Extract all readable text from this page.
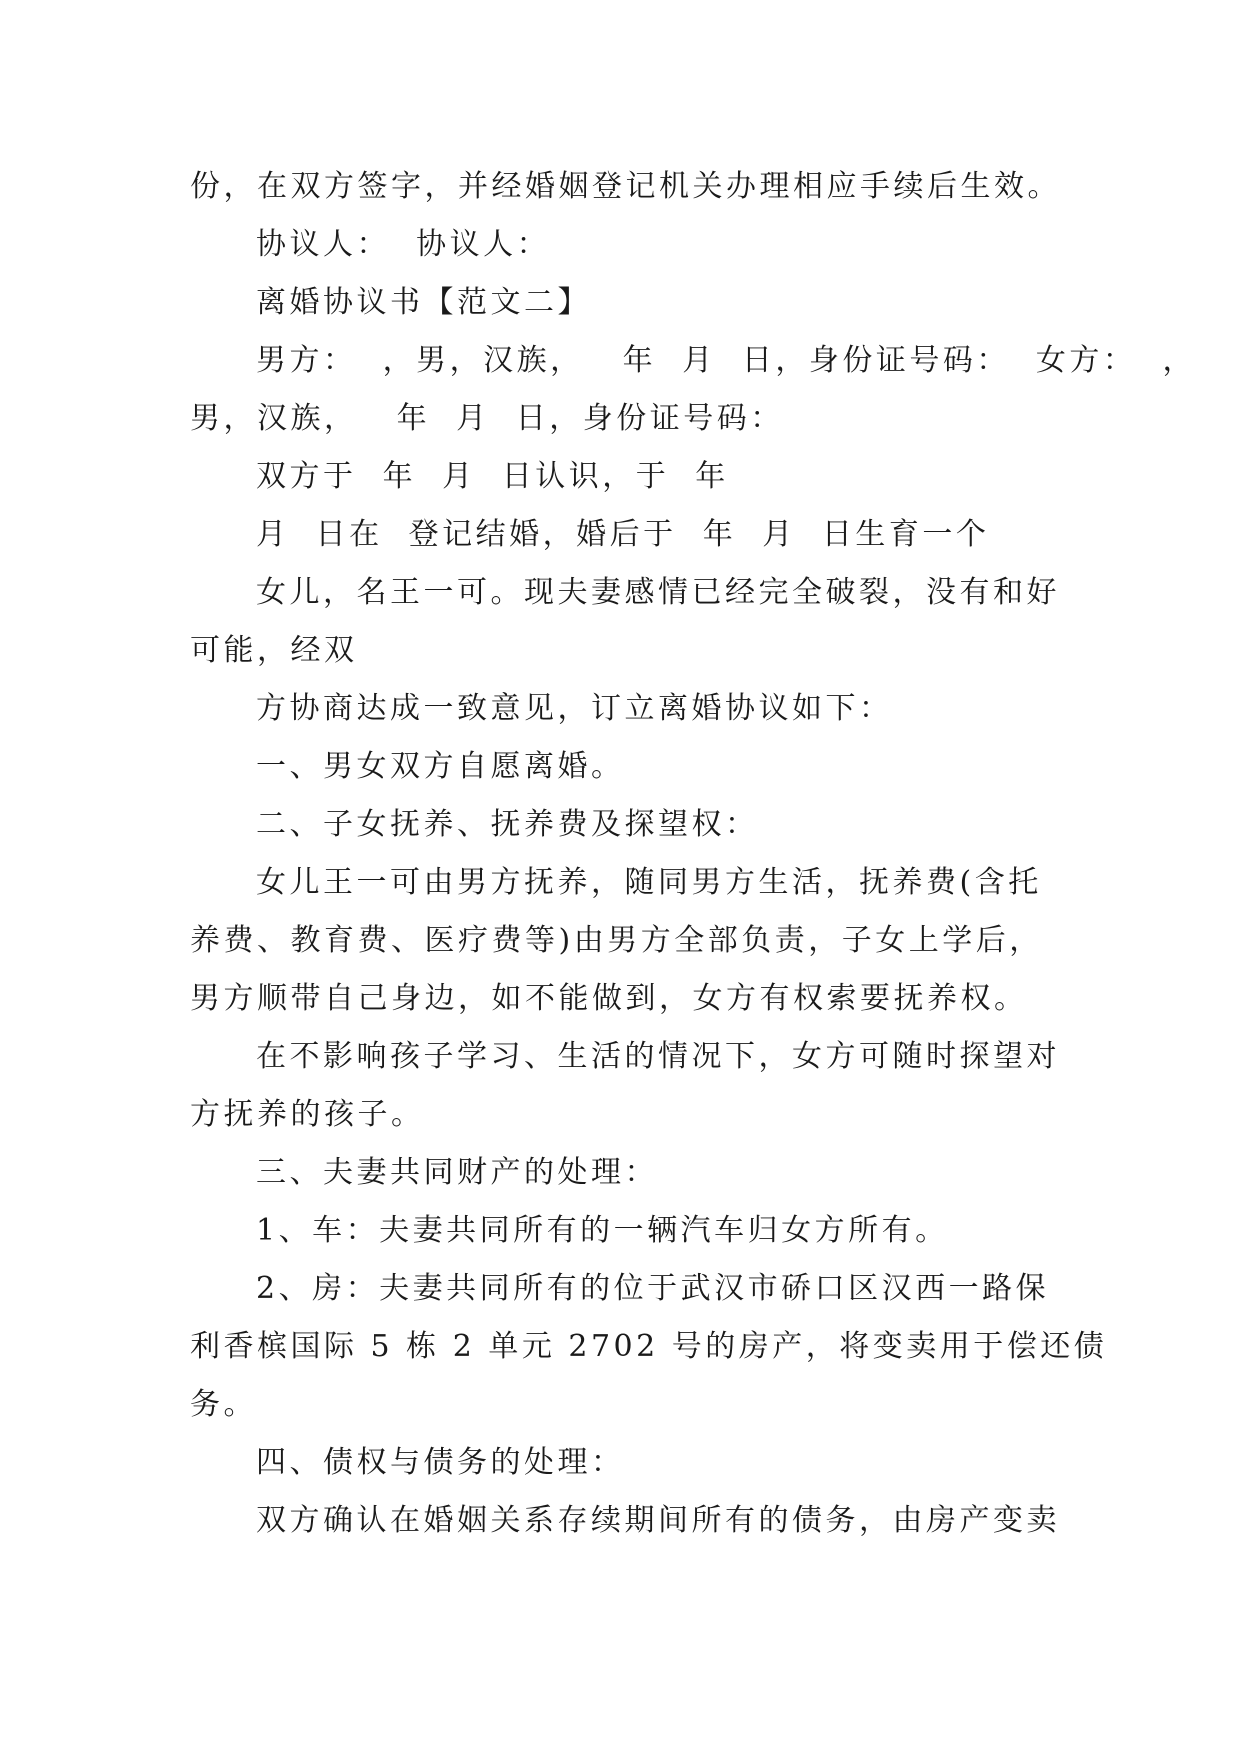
份，在双方签字，并经婚姻登记机关办理相应手续后生效。
协议人：  协议人：
离婚协议书【范文二】
男方：  ，男，汉族，   年  月  日，身份证号码：  女方：  ，
男，汉族，   年  月  日，身份证号码：
双方于  年  月  日认识，于  年
月  日在  登记结婚，婚后于  年  月  日生育一个
女儿，名王一可。现夫妻感情已经完全破裂，没有和好
可能，经双
方协商达成一致意见，订立离婚协议如下：
一、男女双方自愿离婚。
二、子女抚养、抚养费及探望权：
女儿王一可由男方抚养，随同男方生活，抚养费(含托
养费、教育费、医疗费等)由男方全部负责，子女上学后，
男方顺带自己身边，如不能做到，女方有权索要抚养权。
在不影响孩子学习、生活的情况下，女方可随时探望对
方抚养的孩子。
三、夫妻共同财产的处理：
1、车：夫妻共同所有的一辆汽车归女方所有。
2、房：夫妻共同所有的位于武汉市硚口区汉西一路保
利香槟国际 5 栋 2 单元 2702 号的房产，将变卖用于偿还债
务。
四、债权与债务的处理：
双方确认在婚姻关系存续期间所有的债务，由房产变卖
